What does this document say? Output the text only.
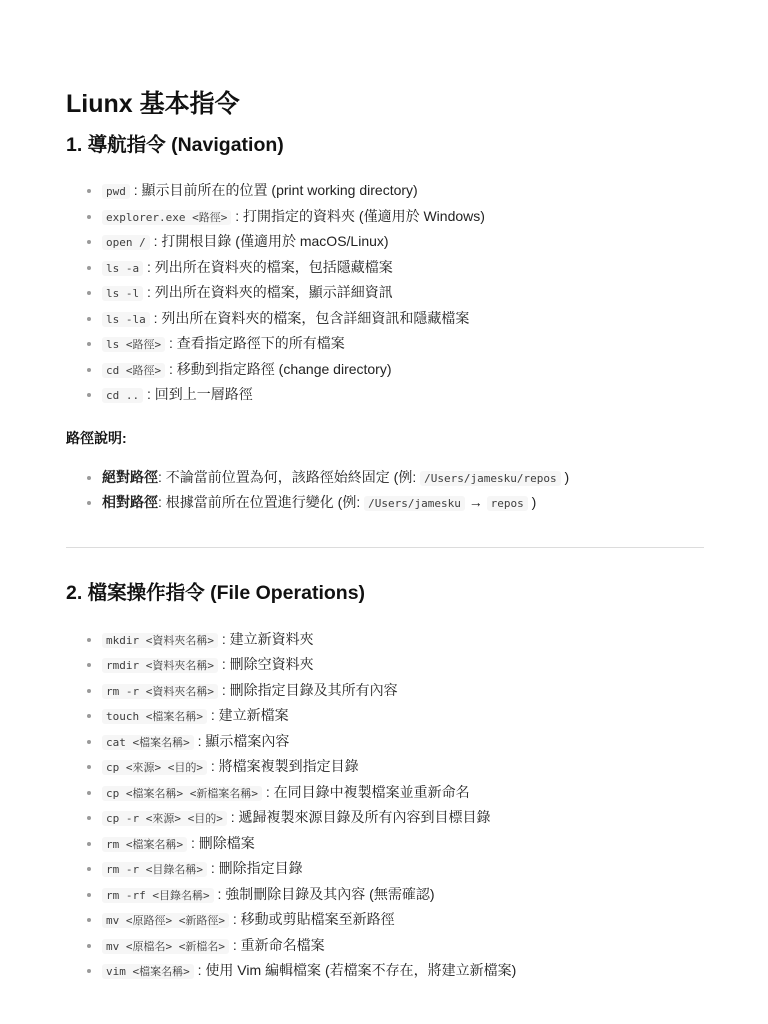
Liunx 基本指令
1. 導航指令 (Navigation)
pwd : 顯示目前所在的位置 (print working directory)
explorer.exe <路徑> : 打開指定的資料夾 (僅適用於 Windows)
open / : 打開根目錄 (僅適用於 macOS/Linux)
ls -a : 列出所在資料夾的檔案，包括隱藏檔案
ls -l : 列出所在資料夾的檔案，顯示詳細資訊
ls -la : 列出所在資料夾的檔案，包含詳細資訊和隱藏檔案
ls <路徑> : 查看指定路徑下的所有檔案
cd <路徑> : 移動到指定路徑 (change directory)
cd .. : 回到上一層路徑
路徑說明:
絕對路徑: 不論當前位置為何，該路徑始終固定 (例: /Users/jamesku/repos )
相對路徑: 根據當前所在位置進行變化 (例: /Users/jamesku → repos )
2. 檔案操作指令 (File Operations)
mkdir <資料夾名稱> : 建立新資料夾
rmdir <資料夾名稱> : 刪除空資料夾
rm -r <資料夾名稱> : 刪除指定目錄及其所有內容
touch <檔案名稱> : 建立新檔案
cat <檔案名稱> : 顯示檔案內容
cp <來源> <目的> : 將檔案複製到指定目錄
cp <檔案名稱> <新檔案名稱> : 在同目錄中複製檔案並重新命名
cp -r <來源> <目的> : 遞歸複製來源目錄及所有內容到目標目錄
rm <檔案名稱> : 刪除檔案
rm -r <目錄名稱> : 刪除指定目錄
rm -rf <目錄名稱> : 強制刪除目錄及其內容 (無需確認)
mv <原路徑> <新路徑> : 移動或剪貼檔案至新路徑
mv <原檔名> <新檔名> : 重新命名檔案
vim <檔案名稱> : 使用 Vim 編輯檔案 (若檔案不存在，將建立新檔案)
